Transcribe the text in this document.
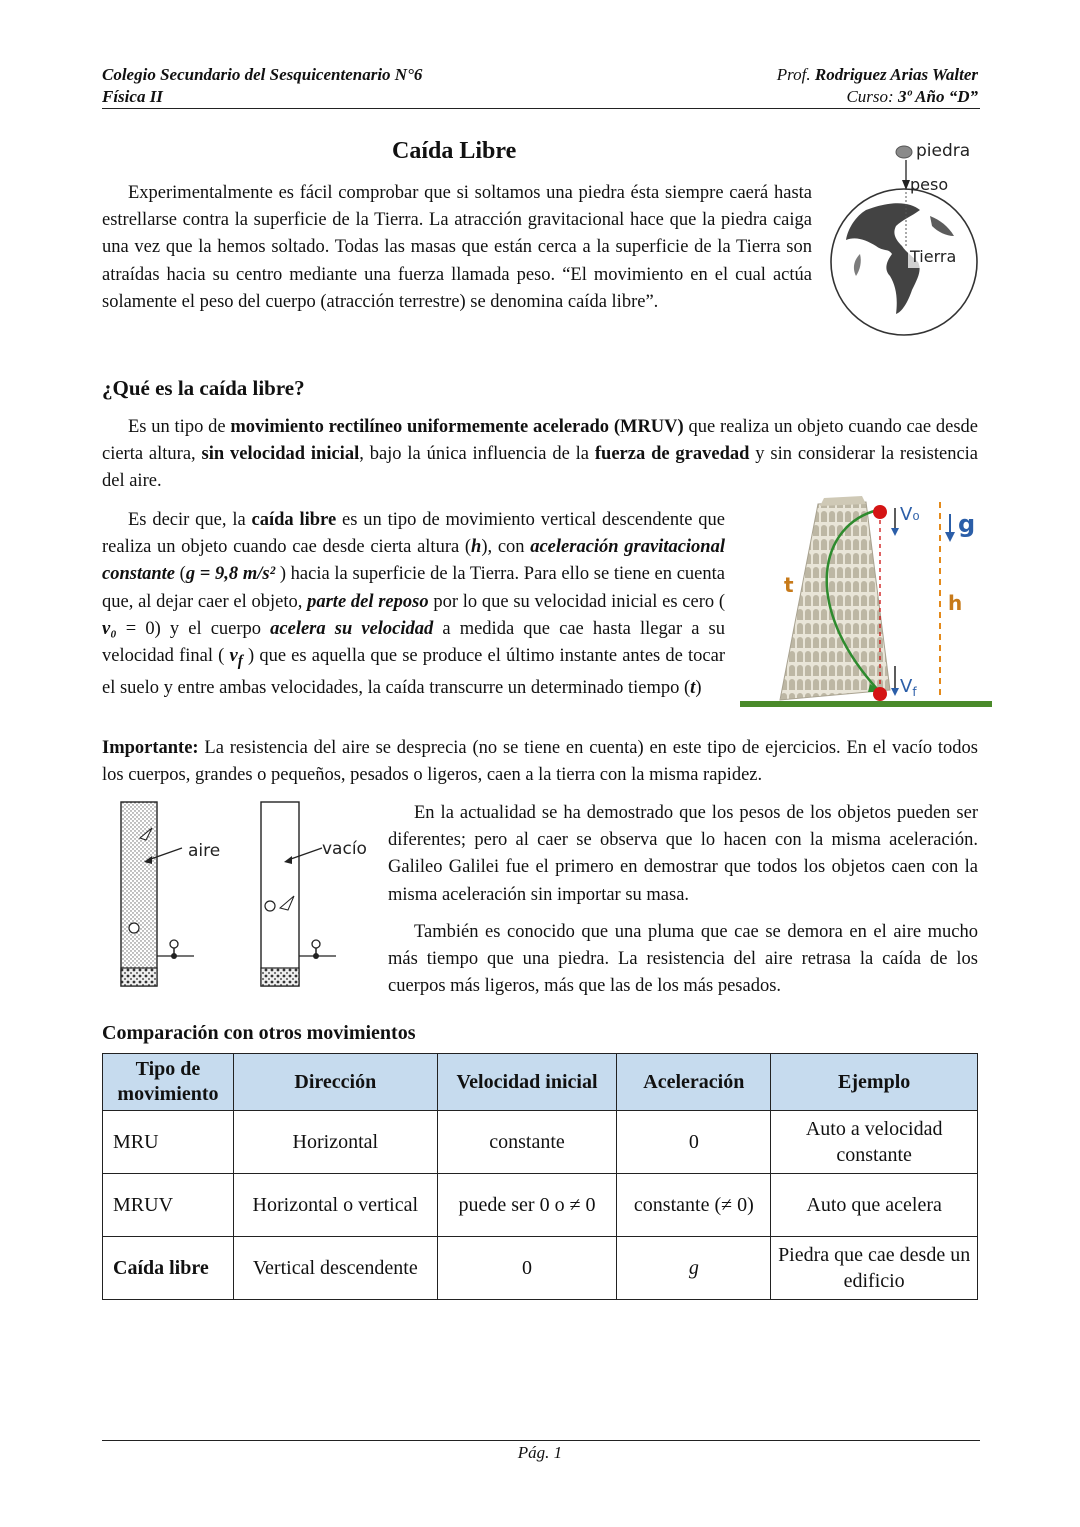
Colegio Secundario del Sesquicentenario N°6
Física II
Prof. Rodriguez Arias Walter
Curso: 3º Año “D”
Caída Libre

Experimentalmente es fácil comprobar que si soltamos una piedra ésta siempre caerá hasta estrellarse contra la superficie de la Tierra. La atracción gravitacional hace que la piedra caiga una vez que la hemos soltado. Todas las masas que están cerca a la superficie de la Tierra son atraídas hacia su centro mediante una fuerza llamada peso. “El movimiento en el cual actúa solamente el peso del cuerpo (atracción terrestre) se denomina caída libre”.

piedra
peso
Tierra
¿Qué es la caída libre?

Es un tipo de movimiento rectilíneo uniformemente acelerado (MRUV) que realiza un objeto cuando cae desde cierta altura, sin velocidad inicial, bajo la única influencia de la fuerza de gravedad y sin considerar la resistencia del aire.

Es decir que, la caída libre es un tipo de movimiento vertical descendente que realiza un objeto cuando cae desde cierta altura (h), con aceleración gravitacional constante (g = 9,8 m/s² ) hacia la superficie de la Tierra. Para ello se tiene en cuenta que, al dejar caer el objeto, parte del reposo por lo que su velocidad inicial es cero ( v₀ = 0) y el cuerpo acelera su velocidad a medida que cae hasta llegar a su velocidad final ( $v_f$ ) que es aquella que se produce el último instante antes de tocar el suelo y entre ambas velocidades, la caída transcurre un determinado tiempo (t)

t
V₀ g
h
$V_f$

Importante: La resistencia del aire se desprecia (no se tiene en cuenta) en este tipo de ejercicios. En el vacío todos los cuerpos, grandes o pequeños, pesados o ligeros, caen a la tierra con la misma rapidez.

aire	vacío

En la actualidad se ha demostrado que los pesos de los objetos pueden ser diferentes; pero al caer se observa que lo hacen con la misma aceleración. Galileo Galilei fue el primero en demostrar que todos los objetos caen con la misma aceleración sin importar su masa.

También es conocido que una pluma que cae se demora en el aire mucho más tiempo que una piedra. La resistencia del aire retrasa la caída de los cuerpos más ligeros, más que las de los más pesados.

Comparación con otros movimientos
Tipo de movimiento	Dirección	Velocidad inicial	Aceleración	Ejemplo
MRU	Horizontal	constante	0	Auto a velocidad constante
MRUV	Horizontal o vertical	puede ser 0 o ≠ 0	constante (≠ 0)	Auto que acelera
Caída libre	Vertical descendente	0	g	Piedra que cae desde un edificio
Pág. 1
